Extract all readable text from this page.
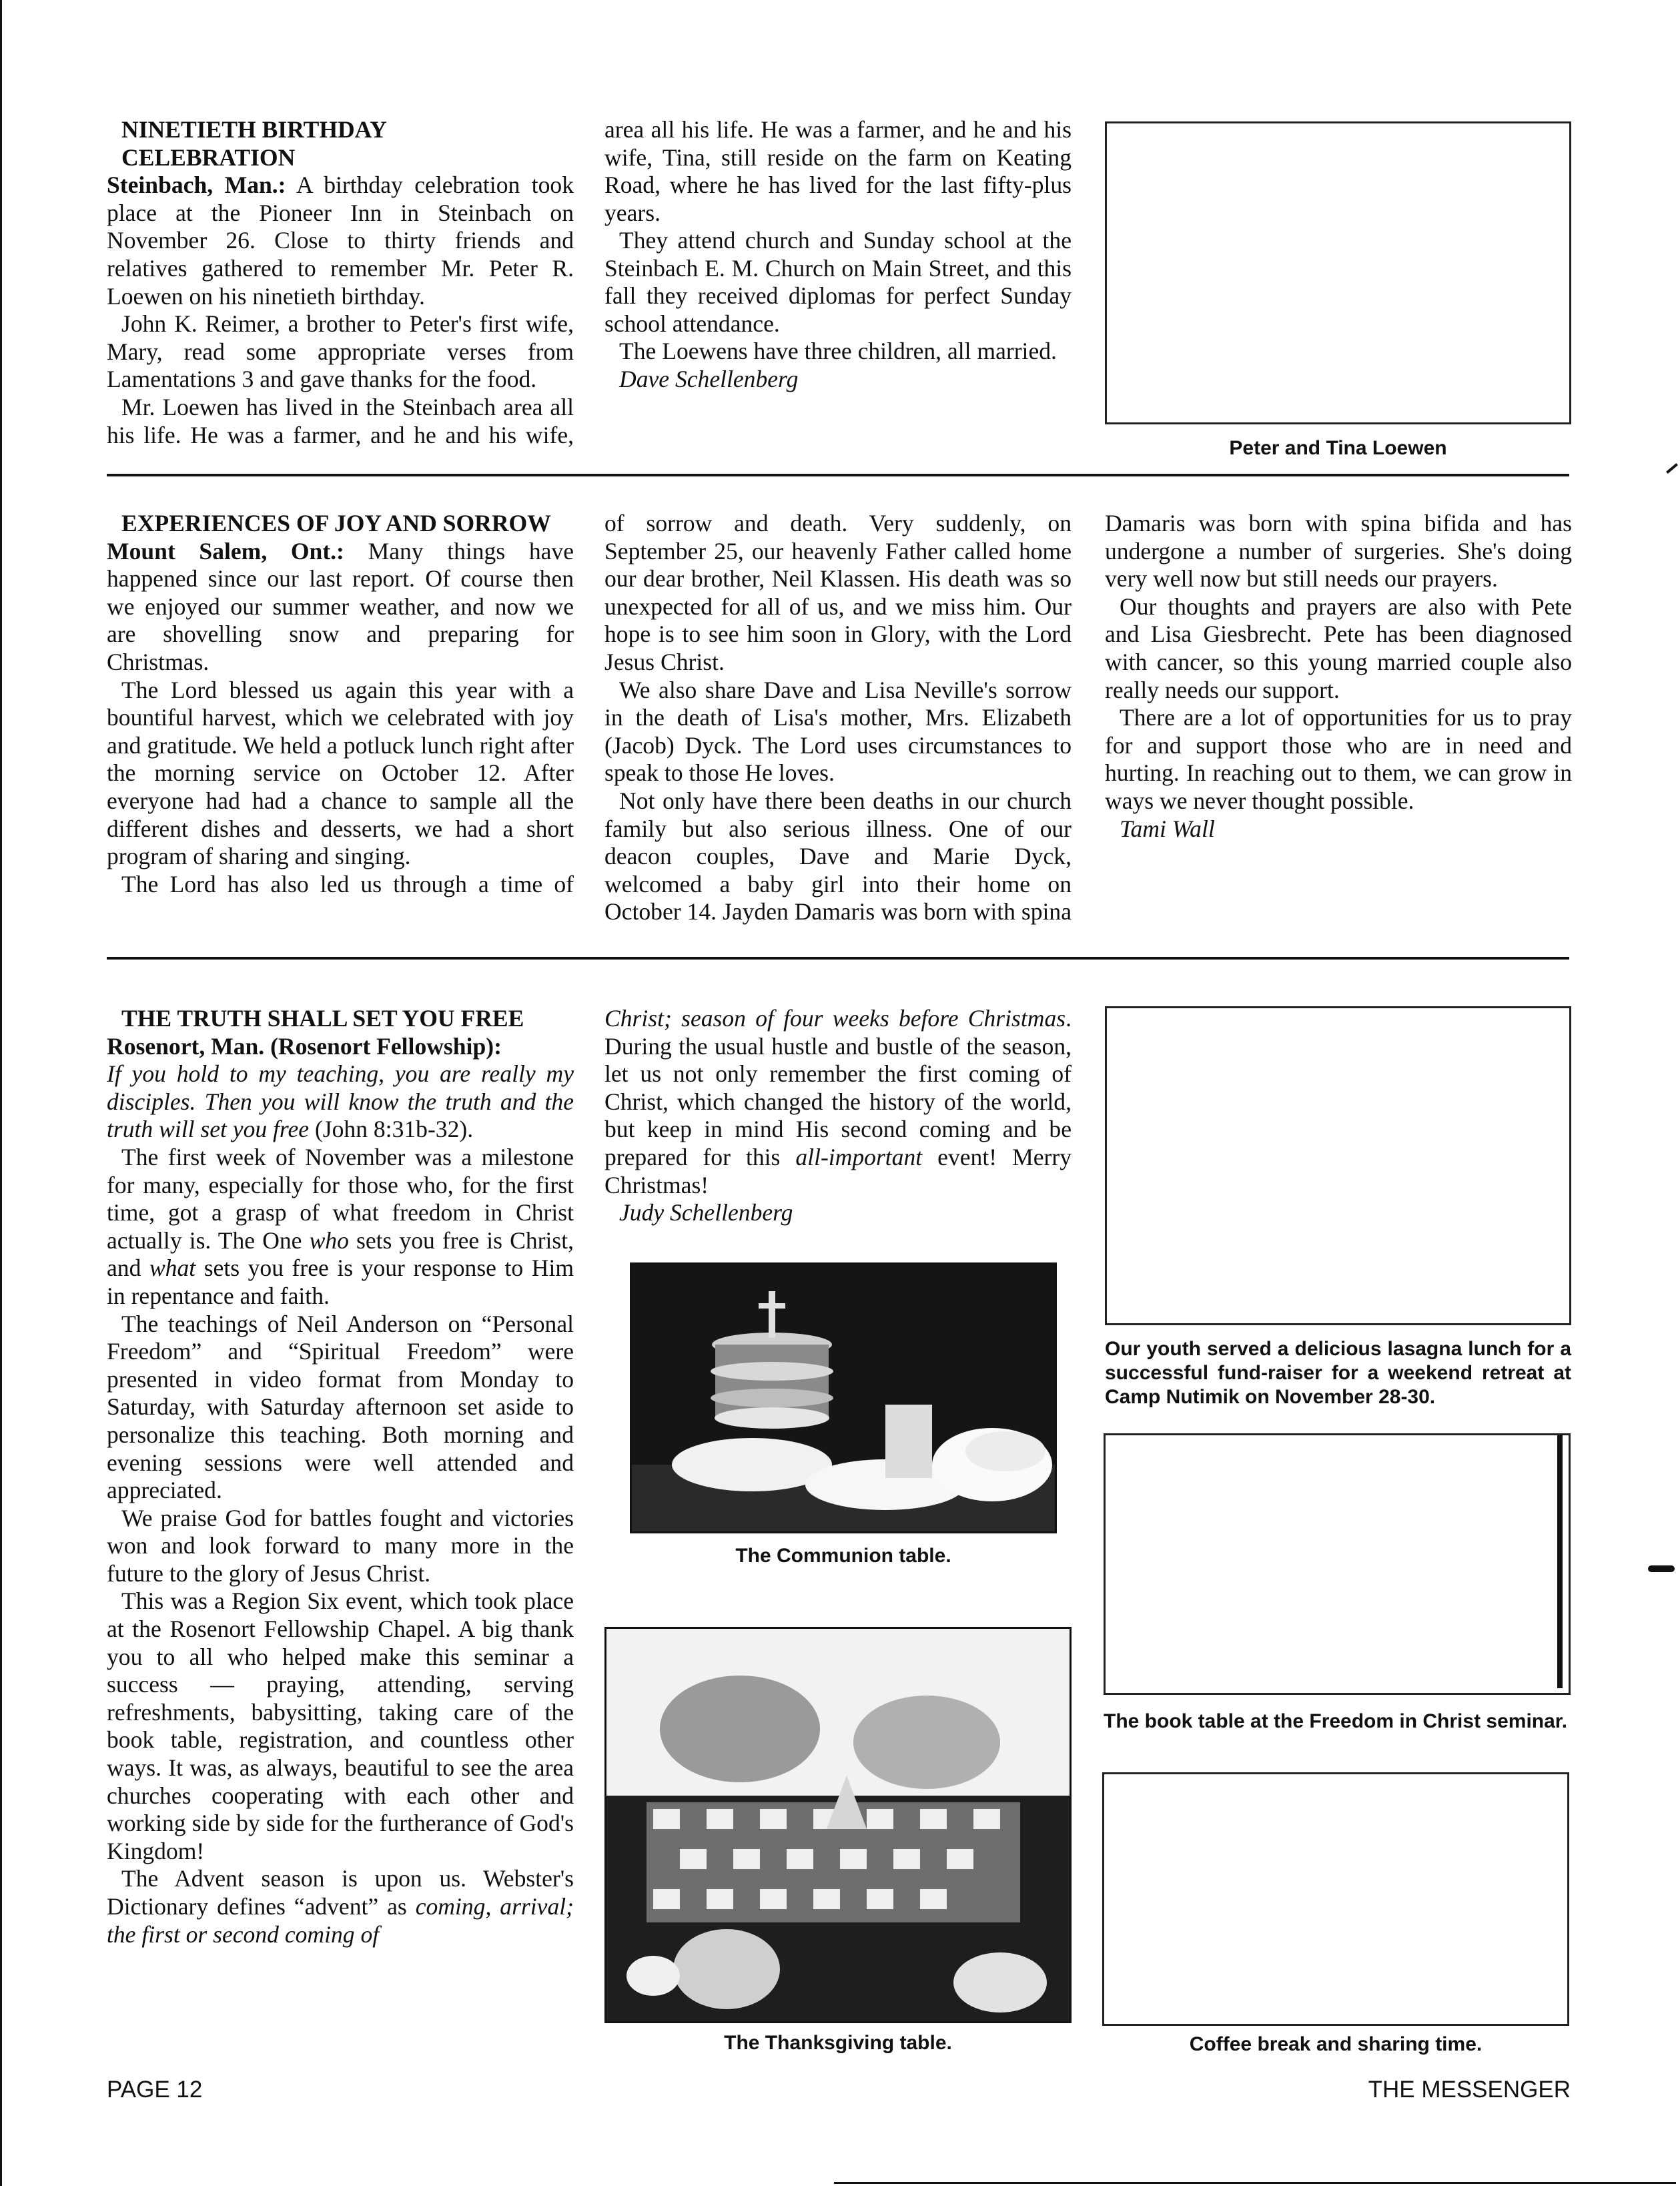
NINETIETH BIRTHDAY

CELEBRATION

Steinbach, Man.: A birthday celebration took place at the Pioneer Inn in Steinbach on November 26. Close to thirty friends and relatives gathered to remember Mr. Peter R. Loewen on his ninetieth birthday.

John K. Reimer, a brother to Peter's first wife, Mary, read some appropriate verses from Lamentations 3 and gave thanks for the food.

Mr. Loewen has lived in the Steinbach area all his life. He was a farmer, and he and his wife,

area all his life. He was a farmer, and he and his wife, Tina, still reside on the farm on Keating Road, where he has lived for the last fifty-plus years.

They attend church and Sunday school at the Steinbach E. M. Church on Main Street, and this fall they received diplomas for perfect Sunday school attendance.

The Loewens have three children, all married.

Dave Schellenberg

Peter and Tina Loewen

EXPERIENCES OF JOY AND SORROW

Mount Salem, Ont.: Many things have happened since our last report. Of course then we enjoyed our summer weather, and now we are shovelling snow and preparing for Christmas.

The Lord blessed us again this year with a bountiful harvest, which we celebrated with joy and gratitude. We held a potluck lunch right after the morning service on October 12. After everyone had had a chance to sample all the different dishes and desserts, we had a short program of sharing and singing.

The Lord has also led us through a time of

of sorrow and death. Very suddenly, on September 25, our heavenly Father called home our dear brother, Neil Klassen. His death was so unexpected for all of us, and we miss him. Our hope is to see him soon in Glory, with the Lord Jesus Christ.

We also share Dave and Lisa Neville's sorrow in the death of Lisa's mother, Mrs. Elizabeth (Jacob) Dyck. The Lord uses circumstances to speak to those He loves.

Not only have there been deaths in our church family but also serious illness. One of our deacon couples, Dave and Marie Dyck, welcomed a baby girl into their home on October 14. Jayden Damaris was born with spina

Damaris was born with spina bifida and has undergone a number of surgeries. She's doing very well now but still needs our prayers.

Our thoughts and prayers are also with Pete and Lisa Giesbrecht. Pete has been diagnosed with cancer, so this young married couple also really needs our support.

There are a lot of opportunities for us to pray for and support those who are in need and hurting. In reaching out to them, we can grow in ways we never thought possible.

Tami Wall

THE TRUTH SHALL SET YOU FREE

Rosenort, Man. (Rosenort Fellowship):

If you hold to my teaching, you are really my disciples. Then you will know the truth and the truth will set you free (John 8:31b-32).

The first week of November was a milestone for many, especially for those who, for the first time, got a grasp of what freedom in Christ actually is. The One who sets you free is Christ, and what sets you free is your response to Him in repentance and faith.

The teachings of Neil Anderson on “Personal Freedom” and “Spiritual Freedom” were presented in video format from Monday to Saturday, with Saturday afternoon set aside to personalize this teaching. Both morning and evening sessions were well attended and appreciated.

We praise God for battles fought and victories won and look forward to many more in the future to the glory of Jesus Christ.

This was a Region Six event, which took place at the Rosenort Fellowship Chapel. A big thank you to all who helped make this seminar a success — praying, attending, serving refreshments, babysitting, taking care of the book table, registration, and countless other ways. It was, as always, beautiful to see the area churches cooperating with each other and working side by side for the furtherance of God's Kingdom!

The Advent season is upon us. Webster's Dictionary defines “advent” as coming, arrival; the first or second coming of

Christ; season of four weeks before Christmas. During the usual hustle and bustle of the season, let us not only remember the first coming of Christ, which changed the history of the world, but keep in mind His second coming and be prepared for this all-important event! Merry Christmas!

Judy Schellenberg

The Communion table.
The Thanksgiving table.
Our youth served a delicious lasagna lunch for a successful fund-raiser for a weekend retreat at Camp Nutimik on November 28-30.
The book table at the Freedom in Christ seminar.
Coffee break and sharing time.
PAGE 12	THE MESSENGER
